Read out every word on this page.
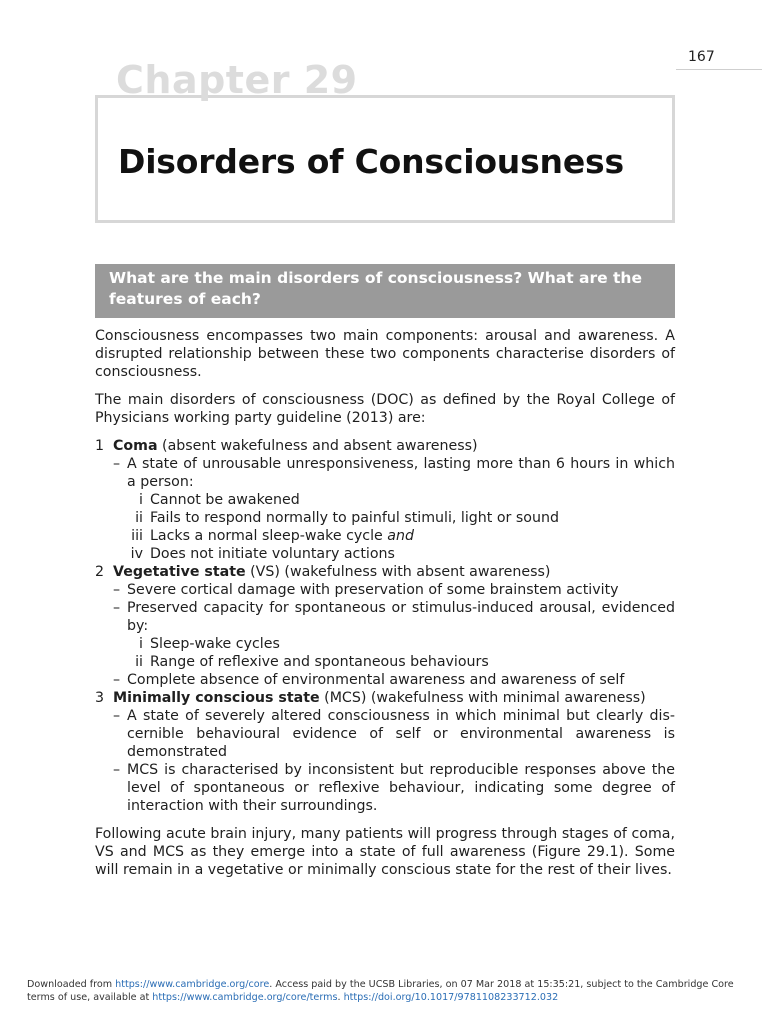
167
Disorders of Consciousness
Chapter 29
What are the main disorders of consciousness? What are the features of each?

Consciousness encompasses two main components: arousal and awareness. A disrupted relationship between these two components characterise disorders of consciousness.

The main disorders of consciousness (DOC) as defined by the Royal College of Physicians working party guideline (2013) are:

1 Coma (absent wakefulness and absent awareness)
– A state of unrousable unresponsiveness, lasting more than 6 hours in which a person:
i Cannot be awakened
ii Fails to respond normally to painful stimuli, light or sound
iii Lacks a normal sleep-wake cycle and
iv Does not initiate voluntary actions
2 Vegetative state (VS) (wakefulness with absent awareness)
– Severe cortical damage with preservation of some brainstem activity
– Preserved capacity for spontaneous or stimulus-induced arousal, evidenced by:
i Sleep-wake cycles
ii Range of reflexive and spontaneous behaviours
– Complete absence of environmental awareness and awareness of self
3 Minimally conscious state (MCS) (wakefulness with minimal awareness)
– A state of severely altered consciousness in which minimal but clearly dis-cernible behavioural evidence of self or environmental awareness is demonstrated
– MCS is characterised by inconsistent but reproducible responses above the level of spontaneous or reflexive behaviour, indicating some degree of interaction with their surroundings.

Following acute brain injury, many patients will progress through stages of coma, VS and MCS as they emerge into a state of full awareness (Figure 29.1). Some will remain in a vegetative or minimally conscious state for the rest of their lives.

Downloaded from https://www.cambridge.org/core. Access paid by the UCSB Libraries, on 07 Mar 2018 at 15:35:21, subject to the Cambridge Core terms of use, available at https://www.cambridge.org/core/terms. https://doi.org/10.1017/9781108233712.032
